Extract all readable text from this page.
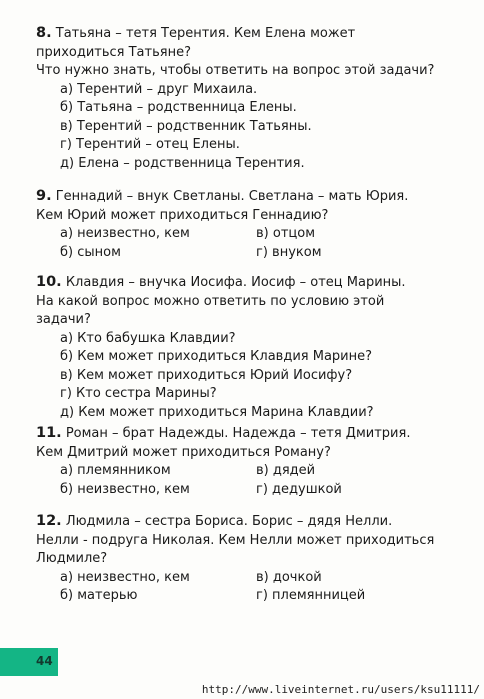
8. Татьяна – тетя Терентия. Кем Елена может приходиться Татьяне?

Что нужно знать, чтобы ответить на вопрос этой задачи?

а) Терентий – друг Михаила.
б) Татьяна – родственница Елены.
в) Терентий – родственник Татьяны.
г) Терентий – отец Елены.
д) Елена – родственница Терентия.

9. Геннадий – внук Светланы. Светлана – мать Юрия. Кем Юрий может приходиться Геннадию?

а) неизвестно, кем	в) отцом
б) сыном	г) внуком

10. Клавдия – внучка Иосифа. Иосиф – отец Марины.

На какой вопрос можно ответить по условию этой задачи?

а) Кто бабушка Клавдии?
б) Кем может приходиться Клавдия Марине?
в) Кем может приходиться Юрий Иосифу?
г) Кто сестра Марины?
д) Кем может приходиться Марина Клавдии?

11. Роман – брат Надежды. Надежда – тетя Дмитрия. Кем Дмитрий может приходиться Роману?

а) племянником	в) дядей
б) неизвестно, кем	г) дедушкой

12. Людмила – сестра Бориса. Борис – дядя Нелли. Нелли - подруга Николая. Кем Нелли может приходиться Людмиле?

а) неизвестно, кем	в) дочкой
б) матерью	г) племянницей
44
http://www.liveinternet.ru/users/ksu11111/
